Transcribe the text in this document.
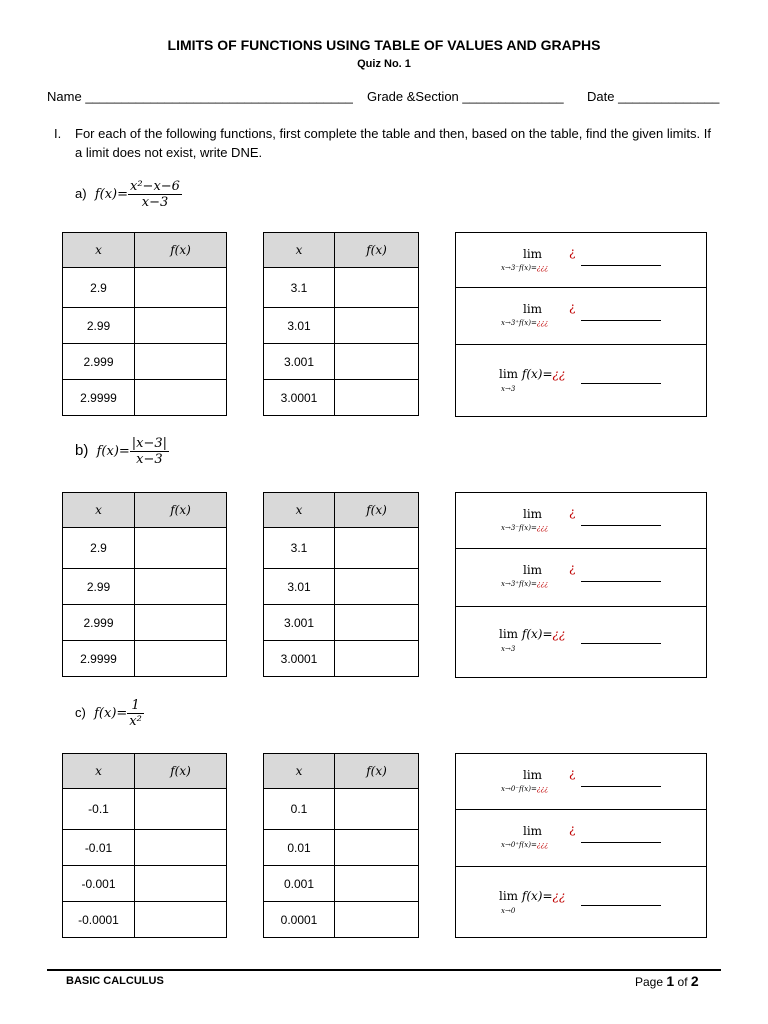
LIMITS OF FUNCTIONS USING TABLE OF VALUES AND GRAPHS
Quiz No. 1
Name _____________________________________ Grade &Section ______________ Date ______________
I. For each of the following functions, first complete the table and then, based on the table, find the given limits. If a limit does not exist, write DNE.
a) $f(x)= \frac{\text{x²−x−6}}{x-3}$
x	f(x)
2.9	
2.99	
2.999	
2.9999	
x	f(x)
3.1	
3.01	
3.001	
3.0001	
lim
x→3⁻f(x)=¿¿¿
¿
lim
x→3⁺f(x)=¿¿¿
¿
lim f(x)=¿¿
x→3
b) $f(x)= \frac{|x-3|}{x-3}$
x	f(x)
2.9	
2.99	
2.999	
2.9999	
x	f(x)
3.1	
3.01	
3.001	
3.0001	
lim
x→3⁻f(x)=¿¿¿
¿
lim
x→3⁺f(x)=¿¿¿
¿
lim f(x)=¿¿
x→3
c) $f(x)= \frac{1}{\text{x²}}$
x	f(x)
-0.1	
-0.01	
-0.001	
-0.0001	
x	f(x)
0.1	
0.01	
0.001	
0.0001	
lim
x→0⁻f(x)=¿¿¿
¿
lim
x→0⁺f(x)=¿¿¿
¿
lim f(x)=¿¿
x→0
BASIC CALCULUS	Page 1 of 2
